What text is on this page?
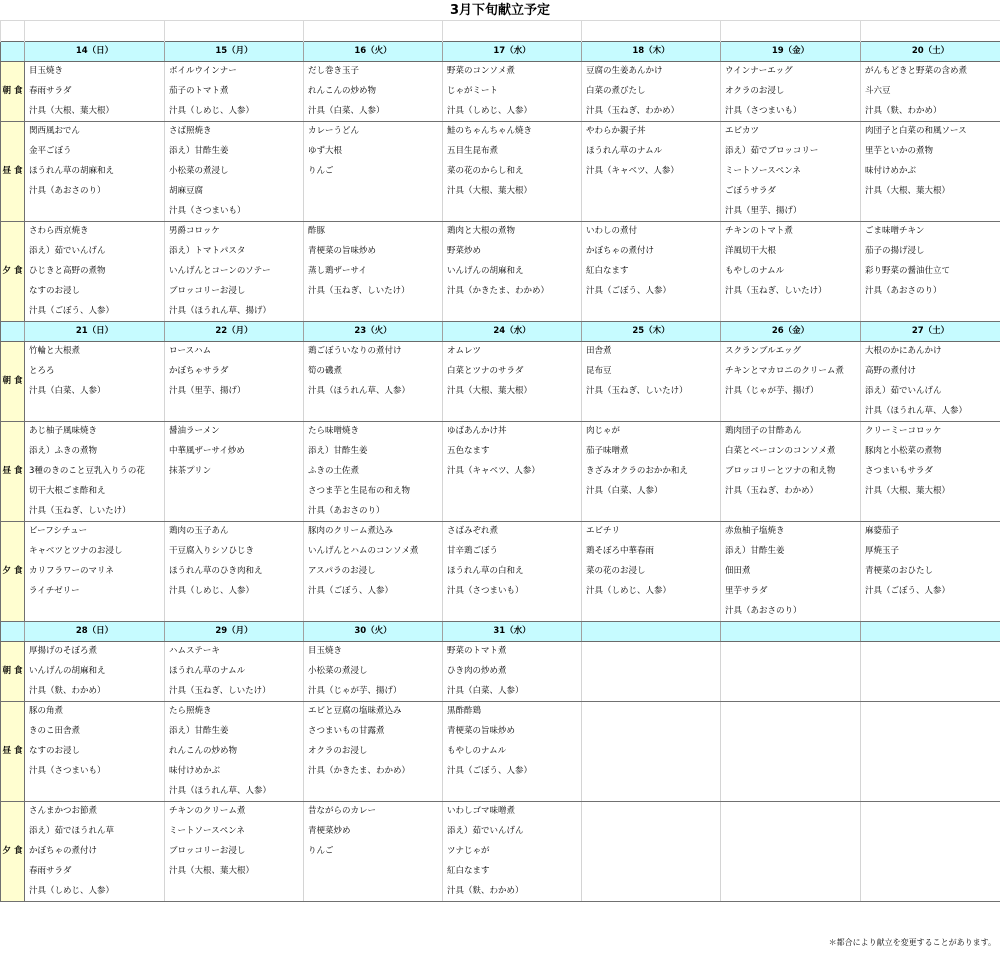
3月下旬献立予定

	14（日）	15（月）	16（火）	17（水）	18（木）	19（金）	20（土）
朝 食	目玉焼き	ボイルウインナー	だし巻き玉子	野菜のコンソメ煮	豆腐の生姜あんかけ	ウインナーエッグ	がんもどきと野菜の含め煮
	春雨サラダ	茄子のトマト煮	れんこんの炒め物	じゃがミート	白菜の煮びたし	オクラのお浸し	斗六豆
	汁具（大根、葉大根）	汁具（しめじ、人参）	汁具（白菜、人参）	汁具（しめじ、人参）	汁具（玉ねぎ、わかめ）	汁具（さつまいも）	汁具（麩、わかめ）
昼 食	関西風おでん	さば照焼き	カレーうどん	鮭のちゃんちゃん焼き	やわらか親子丼	エビカツ	肉団子と白菜の和風ソース
	金平ごぼう	添え）甘酢生姜	ゆず大根	五目生昆布煮	ほうれん草のナムル	添え）茹でブロッコリー	里芋といかの煮物
	ほうれん草の胡麻和え	小松菜の煮浸し	りんご	菜の花のからし和え	汁具（キャベツ、人参）	ミートソースペンネ	味付けめかぶ
	汁具（あおさのり）	胡麻豆腐		汁具（大根、葉大根）		ごぼうサラダ	汁具（大根、葉大根）
		汁具（さつまいも）				汁具（里芋、揚げ）	
夕 食	さわら西京焼き	男爵コロッケ	酢豚	鶏肉と大根の煮物	いわしの煮付	チキンのトマト煮	ごま味噌チキン
	添え）茹でいんげん	添え）トマトパスタ	青梗菜の旨味炒め	野菜炒め	かぼちゃの煮付け	洋風切干大根	茄子の揚げ浸し
	ひじきと高野の煮物	いんげんとコーンのソテー	蒸し鶏ザーサイ	いんげんの胡麻和え	紅白なます	もやしのナムル	彩り野菜の醤油仕立て
	なすのお浸し	ブロッコリーお浸し	汁具（玉ねぎ、しいたけ）	汁具（かきたま、わかめ）	汁具（ごぼう、人参）	汁具（玉ねぎ、しいたけ）	汁具（あおさのり）
	汁具（ごぼう、人参）	汁具（ほうれん草、揚げ）					
	21（日）	22（月）	23（火）	24（水）	25（木）	26（金）	27（土）
朝 食	竹輪と大根煮	ロースハム	鶏ごぼういなりの煮付け	オムレツ	田舎煮	スクランブルエッグ	大根のかにあんかけ
	とろろ	かぼちゃサラダ	筍の磯煮	白菜とツナのサラダ	昆布豆	チキンとマカロニのクリーム煮	高野の煮付け
	汁具（白菜、人参）	汁具（里芋、揚げ）	汁具（ほうれん草、人参）	汁具（大根、葉大根）	汁具（玉ねぎ、しいたけ）	汁具（じゃが芋、揚げ）	添え）茹でいんげん
							汁具（ほうれん草、人参）
昼 食	あじ柚子風味焼き	醤油ラーメン	たら味噌焼き	ゆばあんかけ丼	肉じゃが	鶏肉団子の甘酢あん	クリーミーコロッケ
	添え）ふきの煮物	中華風ザーサイ炒め	添え）甘酢生姜	五色なます	茄子味噌煮	白菜とベーコンのコンソメ煮	豚肉と小松菜の煮物
	3種のきのこと豆乳入りうの花	抹茶プリン	ふきの土佐煮	汁具（キャベツ、人参）	きざみオクラのおかか和え	ブロッコリーとツナの和え物	さつまいもサラダ
	切干大根ごま酢和え		さつま芋と生昆布の和え物		汁具（白菜、人参）	汁具（玉ねぎ、わかめ）	汁具（大根、葉大根）
	汁具（玉ねぎ、しいたけ）		汁具（あおさのり）				
夕 食	ビーフシチュー	鶏肉の玉子あん	豚肉のクリーム煮込み	さばみぞれ煮	エビチリ	赤魚柚子塩焼き	麻婆茄子
	キャベツとツナのお浸し	干豆腐入りシソひじき	いんげんとハムのコンソメ煮	甘辛鶏ごぼう	鶏そぼろ中華春雨	添え）甘酢生姜	厚焼玉子
	カリフラワーのマリネ	ほうれん草のひき肉和え	アスパラのお浸し	ほうれん草の白和え	菜の花のお浸し	佃田煮	青梗菜のおひたし
	ライチゼリー	汁具（しめじ、人参）	汁具（ごぼう、人参）	汁具（さつまいも）	汁具（しめじ、人参）	里芋サラダ	汁具（ごぼう、人参）
						汁具（あおさのり）	
	28（日）	29（月）	30（火）	31（水）			
朝 食	厚揚げのそぼろ煮	ハムステーキ	目玉焼き	野菜のトマト煮			
	いんげんの胡麻和え	ほうれん草のナムル	小松菜の煮浸し	ひき肉の炒め煮			
	汁具（麩、わかめ）	汁具（玉ねぎ、しいたけ）	汁具（じゃが芋、揚げ）	汁具（白菜、人参）			
昼 食	豚の角煮	たら照焼き	エビと豆腐の塩昧煮込み	黒酢酢鶏			
	きのこ田舎煮	添え）甘酢生姜	さつまいもの甘露煮	青梗菜の旨味炒め			
	なすのお浸し	れんこんの炒め物	オクラのお浸し	もやしのナムル			
	汁具（さつまいも）	味付けめかぶ	汁具（かきたま、わかめ）	汁具（ごぼう、人参）			
		汁具（ほうれん草、人参）					
夕 食	さんまかつお節煮	チキンのクリーム煮	昔ながらのカレー	いわしゴマ味噌煮			
	添え）茹でほうれん草	ミートソースペンネ	青梗菜炒め	添え）茹でいんげん			
	かぼちゃの煮付け	ブロッコリーお浸し	りんご	ツナじゃが			
	春雨サラダ	汁具（大根、葉大根）		紅白なます			
	汁具（しめじ、人参）			汁具（麩、わかめ）			
＊都合により献立を変更することがあります。
